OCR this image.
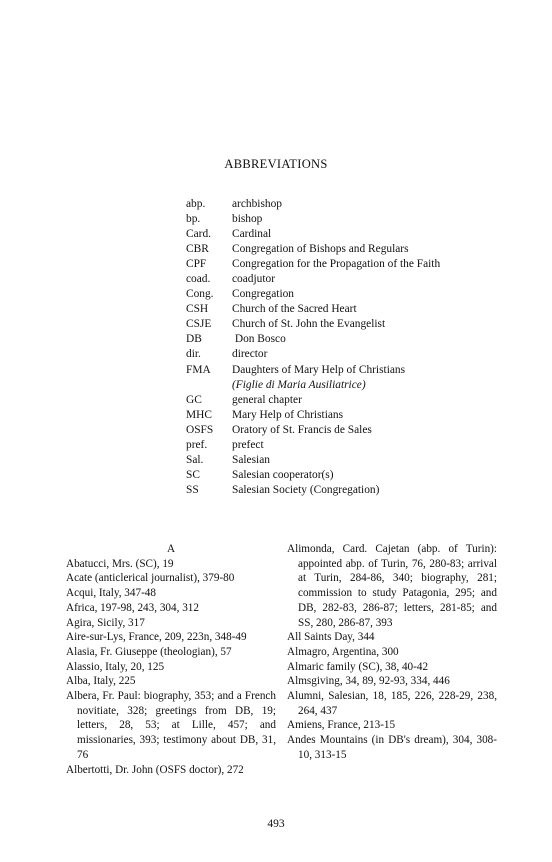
ABBREVIATIONS
abp.	archbishop
bp.	bishop
Card.	Cardinal
CBR	Congregation of Bishops and Regulars
CPF	Congregation for the Propagation of the Faith
coad.	coadjutor
Cong.	Congregation
CSH	Church of the Sacred Heart
CSJE	Church of St. John the Evangelist
DB	Don Bosco
dir.	director
FMA	Daughters of Mary Help of Christians
(Figlie di Maria Ausiliatrice)
GC	general chapter
MHC	Mary Help of Christians
OSFS	Oratory of St. Francis de Sales
pref.	prefect
Sal.	Salesian
SC	Salesian cooperator(s)
SS	Salesian Society (Congregation)
A
Abatucci, Mrs. (SC), 19
Acate (anticlerical journalist), 379-80
Acqui, Italy, 347-48
Africa, 197-98, 243, 304, 312
Agira, Sicily, 317
Aire-sur-Lys, France, 209, 223n, 348-49
Alasia, Fr. Giuseppe (theologian), 57
Alassio, Italy, 20, 125
Alba, Italy, 225
Albera, Fr. Paul: biography, 353; and a French novitiate, 328; greetings from DB, 19; letters, 28, 53; at Lille, 457; and missionaries, 393; testimony about DB, 31, 76
Albertotti, Dr. John (OSFS doctor), 272
Alimonda, Card. Cajetan (abp. of Turin): appointed abp. of Turin, 76, 280-83; arrival at Turin, 284-86, 340; biography, 281; commission to study Patagonia, 295; and DB, 282-83, 286-87; letters, 281-85; and SS, 280, 286-87, 393
All Saints Day, 344
Almagro, Argentina, 300
Almaric family (SC), 38, 40-42
Almsgiving, 34, 89, 92-93, 334, 446
Alumni, Salesian, 18, 185, 226, 228-29, 238, 264, 437
Amiens, France, 213-15
Andes Mountains (in DB's dream), 304, 308-10, 313-15
493
